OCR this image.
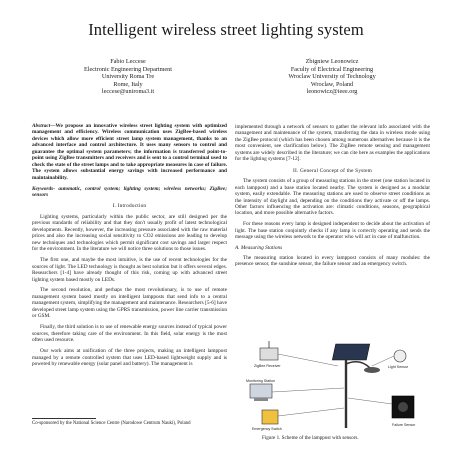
Intelligent wireless street lighting system
Fabio Leccese
Electronic Engineering Department
University Roma Tre
Rome, Italy
leccese@uniroma3.it
Zbigniew Leonowicz
Faculty of Electrical Engineering
Wroclaw University of Technology
Wroclaw, Poland
leonowicz@ieee.org

Abstract—We propose an innovative wireless street lighting system with optimized management and efficiency. Wireless communication uses ZigBee-based wireless devices which allow more efficient street lamp system management, thanks to an advanced interface and control architecture. It uses many sensors to control and guarantee the optimal system parameters; the information is transferred point-to-point using ZigBee transmitters and receivers and is sent to a control terminal used to check the state of the street lamps and to take appropriate measures in case of failure. The system allows substantial energy savings with increased performance and maintainability.

Keywords- automatic, control system; lighting system; wireless networks; ZigBee; sensors

I. Introduction

Lighting systems, particularly within the public sector, are still designed per the previous standards of reliability and that they don't usually profit of latest technological developments. Recently, however, the increasing pressure associated with the raw material prices and also the increasing social sensitivity to CO2 emissions are leading to develop new techniques and technologies which permit significant cost savings and larger respect for the environment. In the literature we will notice three solutions to those issues.

The first one, and maybe the most intuitive, is the use of recent technologies for the sources of light. The LED technology is thought as best solution but it offers several edges. Researchers [1-4] have already thought of this risk, coming up with advanced street lighting system based mostly on LEDs.

The second resolution, and perhaps the most revolutionary, is to use of remote management system based mostly on intelligent lampposts that send info to a central management system, simplifying the management and maintenance. Researchers [5-6] have developed street lamp system using the GPRS transmission, power line carrier transmission or GSM.

Finally, the third solution is to use of renewable energy sources instead of typical power sources, therefore taking care of the environment. In this field, solar energy is the most often used resource.

Our work aims at unification of the three projects, making an intelligent lamppost managed by a remote controlled system that uses LED-based lightweight supply and is powered by renewable energy (solar panel and battery). The management is

Co-sponsored by the National Science Centre (Narodowe Centrum Nauki), Poland

implemented through a network of sensors to gather the relevant info associated with the management and maintenance of the system, transferring the data in wireless mode using the ZigBee protocol (which has been chosen among numerous alternatives because it is the most convenient, see clarification below). The ZigBee remote sensing and management systems are widely described in the literature; we can cite here as examples the applications for the lighting systems [7-12].

II. General Concept of the System

The system consists of a group of measuring stations in the street (one station located in each lamppost) and a base station located nearby. The system is designed as a modular system, easily extendable. The measuring stations are used to observe street conditions as the intensity of daylight and, depending on the conditions they activate or off the lamps. Other factors influencing the activation are: climatic conditions, seasons, geographical location, and more possible alternative factors.

For these reasons every lamp is designed independent to decide about the activation of light. The base station conjointly checks if any lamp is correctly operating and sends the message using the wireless network to the operator who will act in case of malfunction.

A. Measuring Stations

The measuring station located in every lamppost consists of many modules: the presence sensor, the sunshine sensor, the failure sensor and an emergency switch.

ZigBee Receiver	Light Sensor
Monitoring Station
Emergency Switch
Failure Sensor
Figure 1. Scheme of the lamppost with sensors.
